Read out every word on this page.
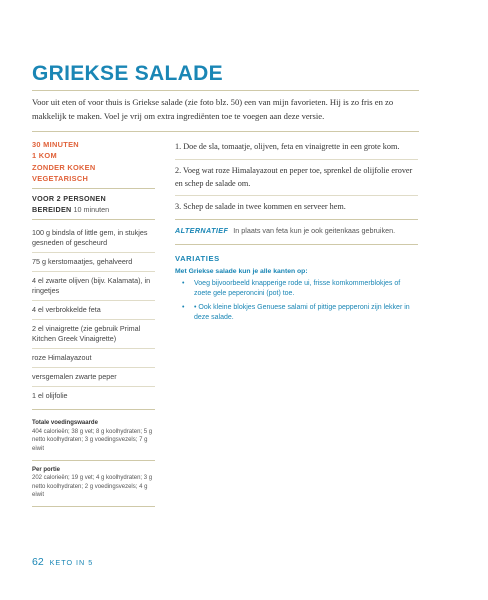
GRIEKSE SALADE

Voor uit eten of voor thuis is Griekse salade (zie foto blz. 50) een van mijn favorieten. Hij is zo fris en zo makkelijk te maken. Voel je vrij om extra ingrediënten toe te voegen aan deze versie.

30 MINUTEN
1 KOM
ZONDER KOKEN
VEGETARISCH
VOOR 2 PERSONEN
BEREIDEN 10 minuten
100 g bindsla of little gem, in stukjes gesneden of gescheurd
75 g kerstomaatjes, gehalveerd
4 el zwarte olijven (bijv. Kalamata), in ringetjes
4 el verbrokkelde feta
2 el vinaigrette (zie gebruik Primal Kitchen Greek Vinaigrette)
roze Himalayazout
versgemalen zwarte peper
1 el olijfolie
Totale voedingswaarde
404 calorieën; 38 g vet; 8 g koolhydraten; 5 g netto koolhydraten; 3 g voedingsvezels; 7 g eiwit
Per portie
202 calorieën; 19 g vet; 4 g koolhydraten; 3 g netto koolhydraten; 2 g voedingsvezels; 4 g eiwit

1. Doe de sla, tomaatje, olijven, feta en vinaigrette in een grote kom.

2. Voeg wat roze Himalayazout en peper toe, sprenkel de olijfolie erover en schep de salade om.

3. Schep de salade in twee kommen en serveer hem.

ALTERNATIEF In plaats van feta kun je ook geitenkaas gebruiken.
VARIATIES
Met Griekse salade kun je alle kanten op:
• Voeg bijvoorbeeld knapperige rode ui, frisse komkommerblokjes of zoete gele peperoncini (pot) toe.
• • Ook kleine blokjes Genuese salami of pittige pepperoni zijn lekker in deze salade.
62 KETO IN 5
